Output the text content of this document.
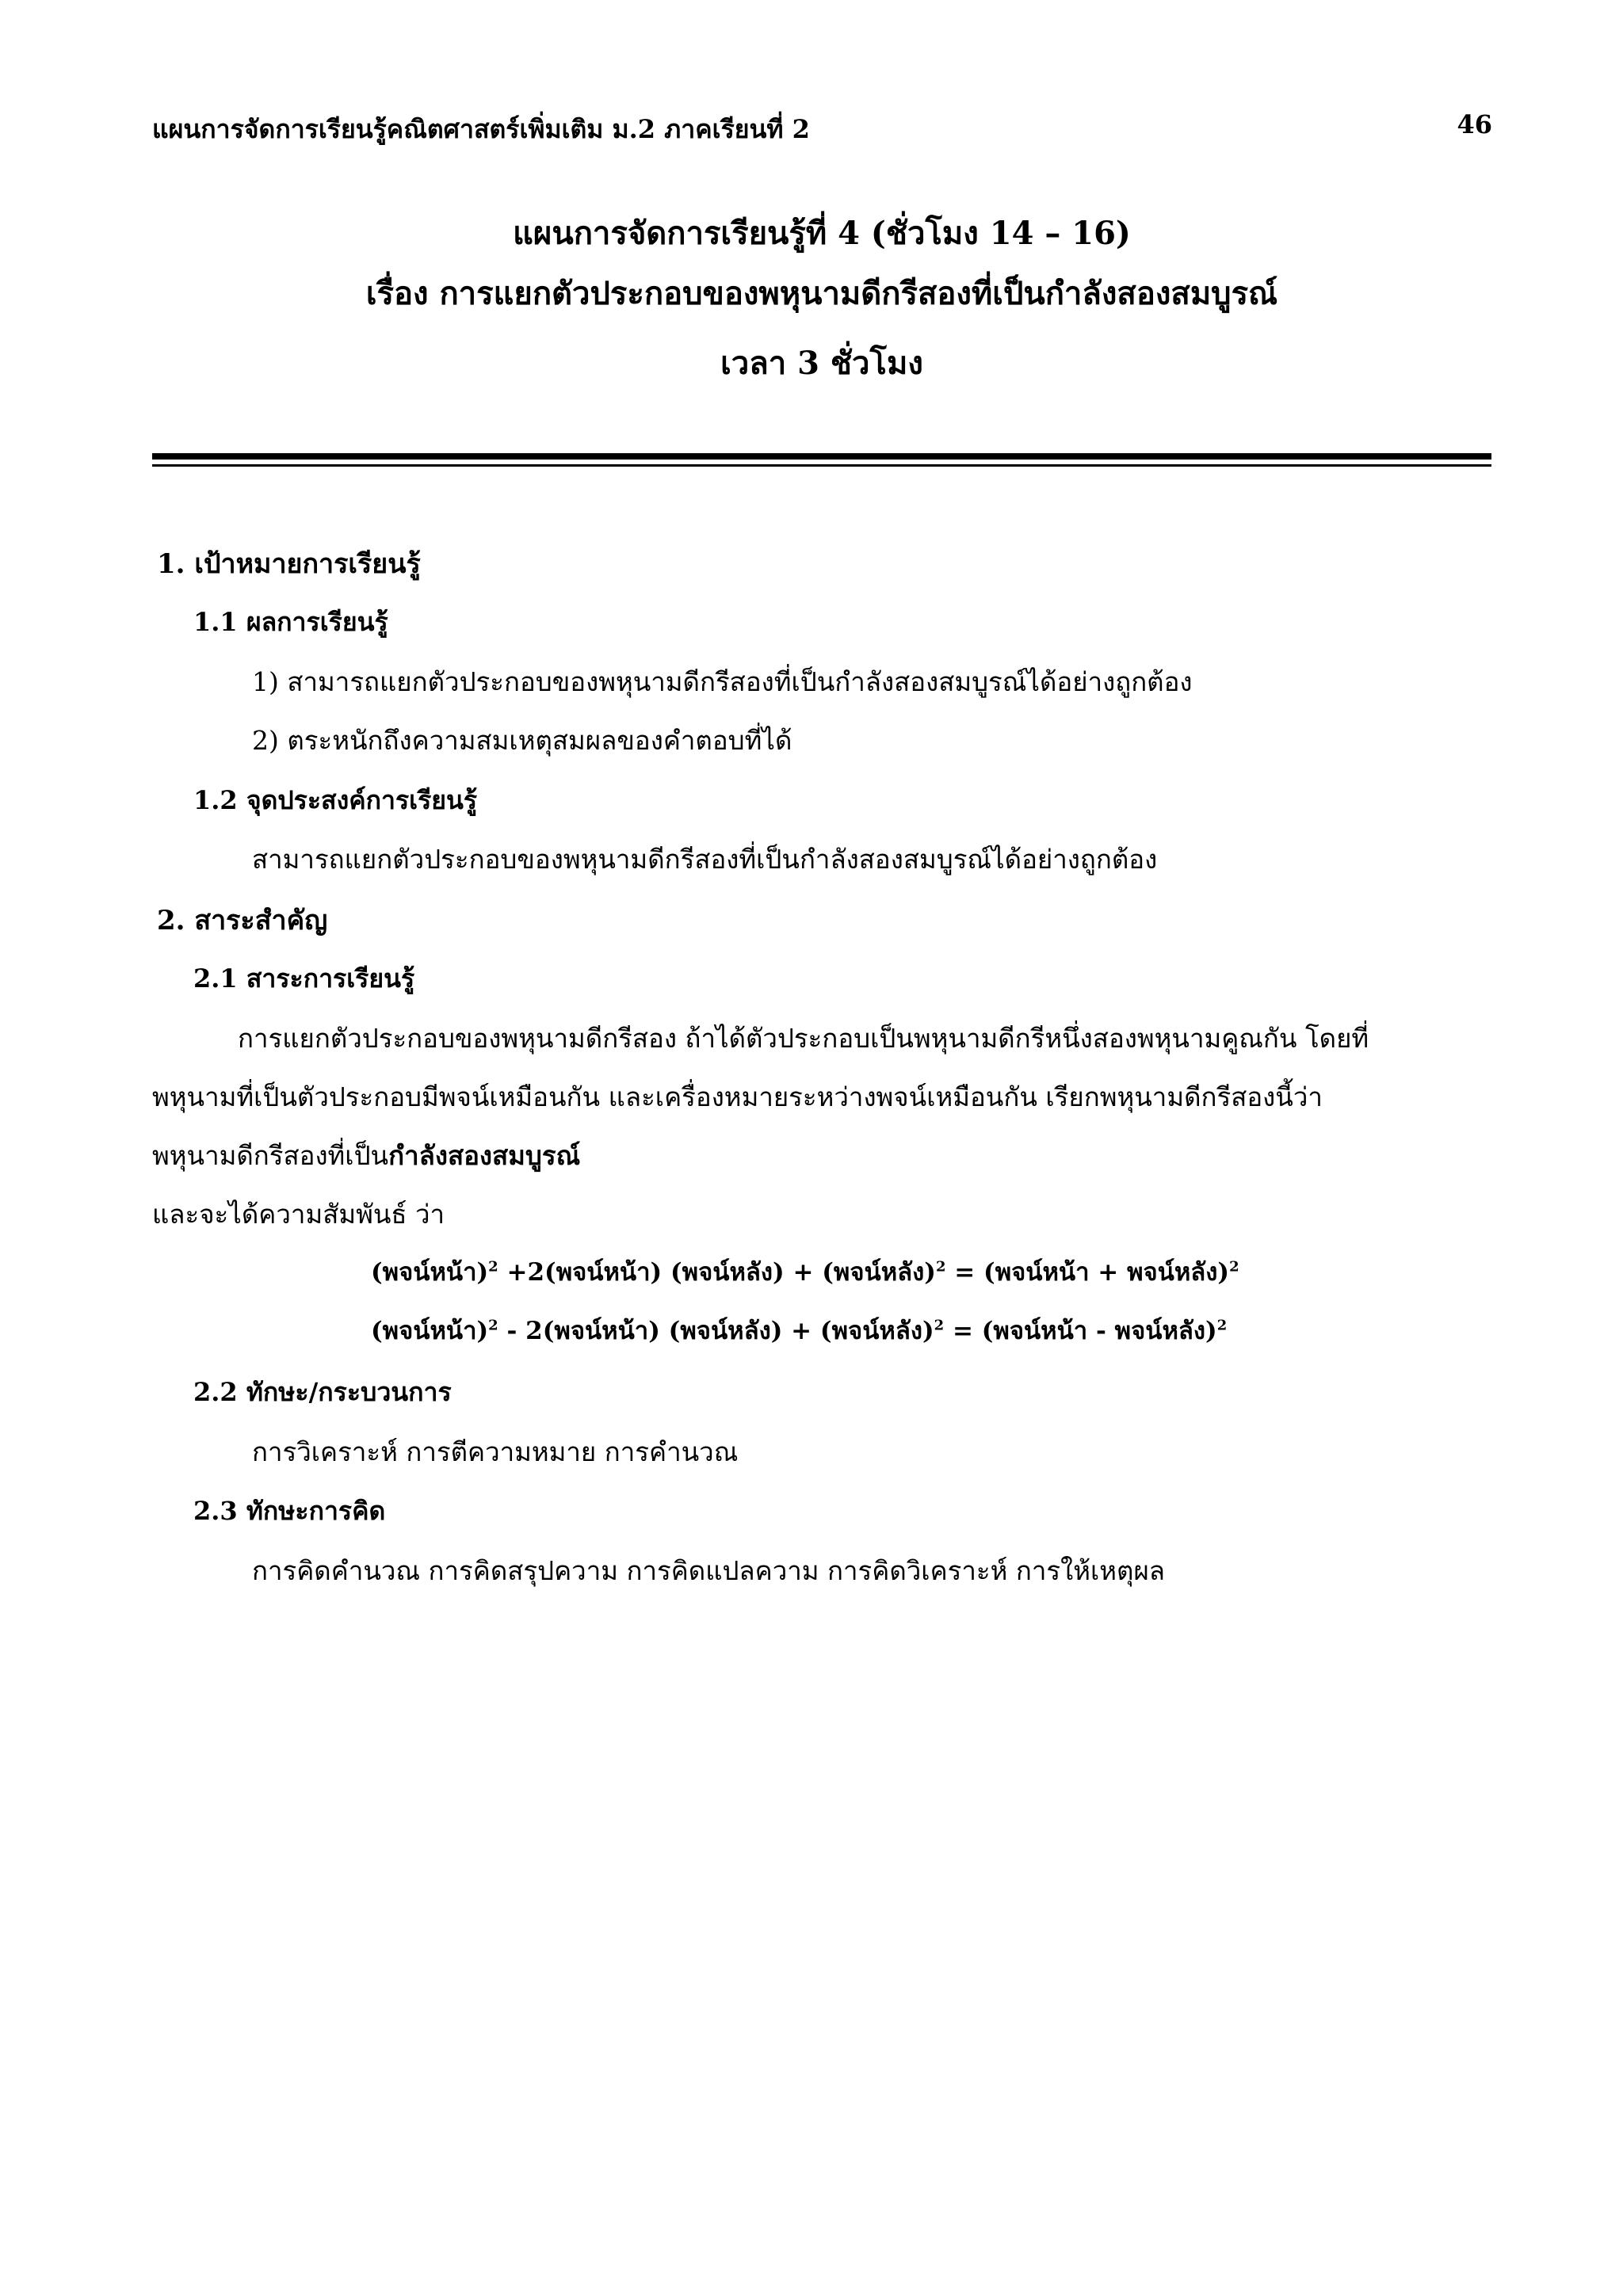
แผนการจัดการเรียนรู้คณิตศาสตร์เพิ่มเติม ม.2 ภาคเรียนที่ 2	46
แผนการจัดการเรียนรู้ที่ 4 (ชั่วโมง 14 – 16)
เรื่อง การแยกตัวประกอบของพหุนามดีกรีสองที่เป็นกำลังสองสมบูรณ์
เวลา 3 ชั่วโมง
1. เป้าหมายการเรียนรู้
1.1 ผลการเรียนรู้
1) สามารถแยกตัวประกอบของพหุนามดีกรีสองที่เป็นกำลังสองสมบูรณ์ได้อย่างถูกต้อง
2) ตระหนักถึงความสมเหตุสมผลของคำตอบที่ได้
1.2 จุดประสงค์การเรียนรู้
สามารถแยกตัวประกอบของพหุนามดีกรีสองที่เป็นกำลังสองสมบูรณ์ได้อย่างถูกต้อง
2. สาระสำคัญ
2.1 สาระการเรียนรู้
การแยกตัวประกอบของพหุนามดีกรีสอง ถ้าได้ตัวประกอบเป็นพหุนามดีกรีหนึ่งสองพหุนามคูณกัน โดยที่
พหุนามที่เป็นตัวประกอบมีพจน์เหมือนกัน และเครื่องหมายระหว่างพจน์เหมือนกัน เรียกพหุนามดีกรีสองนี้ว่า
พหุนามดีกรีสองที่เป็นกำลังสองสมบูรณ์
และจะได้ความสัมพันธ์ ว่า
(พจน์หน้า)$^2$ +2(พจน์หน้า) (พจน์หลัง) + (พจน์หลัง)$^2$ = (พจน์หน้า + พจน์หลัง)$^2$
(พจน์หน้า)$^2$ - 2(พจน์หน้า) (พจน์หลัง) + (พจน์หลัง)$^2$ = (พจน์หน้า - พจน์หลัง)$^2$
2.2 ทักษะ/กระบวนการ
การวิเคราะห์ การตีความหมาย การคำนวณ
2.3 ทักษะการคิด
การคิดคำนวณ การคิดสรุปความ การคิดแปลความ การคิดวิเคราะห์ การให้เหตุผล
